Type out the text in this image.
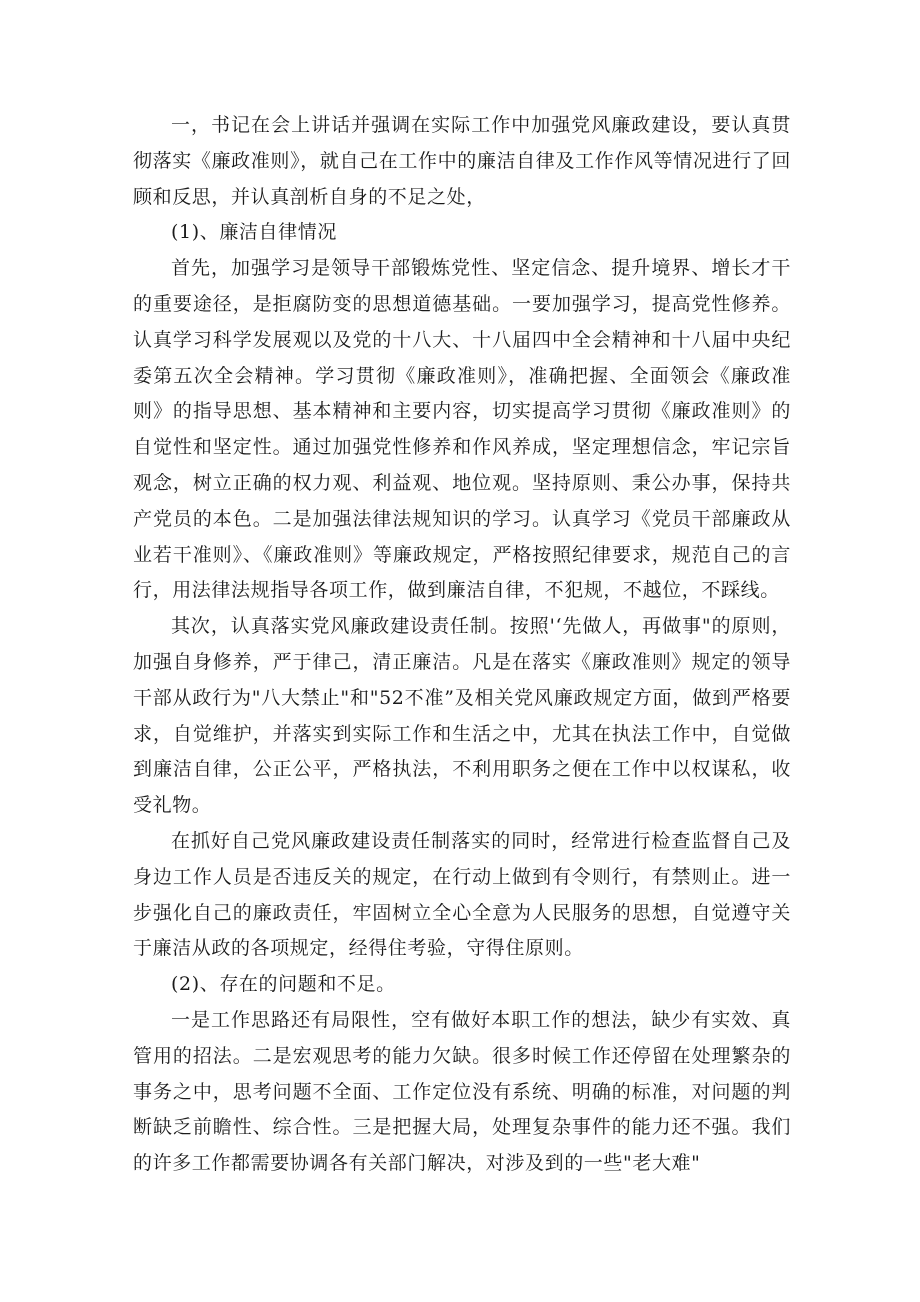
一，书记在会上讲话并强调在实际工作中加强党风廉政建设，要认真贯彻落实《廉政准则》，就自己在工作中的廉洁自律及工作作风等情况进行了回顾和反思，并认真剖析自身的不足之处，

(1)、廉洁自律情况

首先，加强学习是领导干部锻炼党性、坚定信念、提升境界、增长才干的重要途径，是拒腐防变的思想道德基础。一要加强学习，提高党性修养。认真学习科学发展观以及党的十八大、十八届四中全会精神和十八届中央纪委第五次全会精神。学习贯彻《廉政准则》，准确把握、全面领会《廉政准则》的指导思想、基本精神和主要内容，切实提高学习贯彻《廉政准则》的自觉性和坚定性。通过加强党性修养和作风养成，坚定理想信念，牢记宗旨观念，树立正确的权力观、利益观、地位观。坚持原则、秉公办事，保持共产党员的本色。二是加强法律法规知识的学习。认真学习《党员干部廉政从业若干准则》、《廉政准则》等廉政规定，严格按照纪律要求，规范自己的言行，用法律法规指导各项工作，做到廉洁自律，不犯规，不越位，不踩线。

其次，认真落实党风廉政建设责任制。按照'‘先做人，再做事"的原则，加强自身修养，严于律己，清正廉洁。凡是在落实《廉政准则》规定的领导干部从政行为"八大禁止"和"52不准”及相关党风廉政规定方面，做到严格要求，自觉维护，并落实到实际工作和生活之中，尤其在执法工作中，自觉做到廉洁自律，公正公平，严格执法，不利用职务之便在工作中以权谋私，收受礼物。

在抓好自己党风廉政建设责任制落实的同时，经常进行检查监督自己及身边工作人员是否违反关的规定，在行动上做到有令则行，有禁则止。进一步强化自己的廉政责任，牢固树立全心全意为人民服务的思想，自觉遵守关于廉洁从政的各项规定，经得住考验，守得住原则。

(2)、存在的问题和不足。

一是工作思路还有局限性，空有做好本职工作的想法，缺少有实效、真管用的招法。二是宏观思考的能力欠缺。很多时候工作还停留在处理繁杂的事务之中，思考问题不全面、工作定位没有系统、明确的标准，对问题的判断缺乏前瞻性、综合性。三是把握大局，处理复杂事件的能力还不强。我们的许多工作都需要协调各有关部门解决，对涉及到的一些"老大难"
